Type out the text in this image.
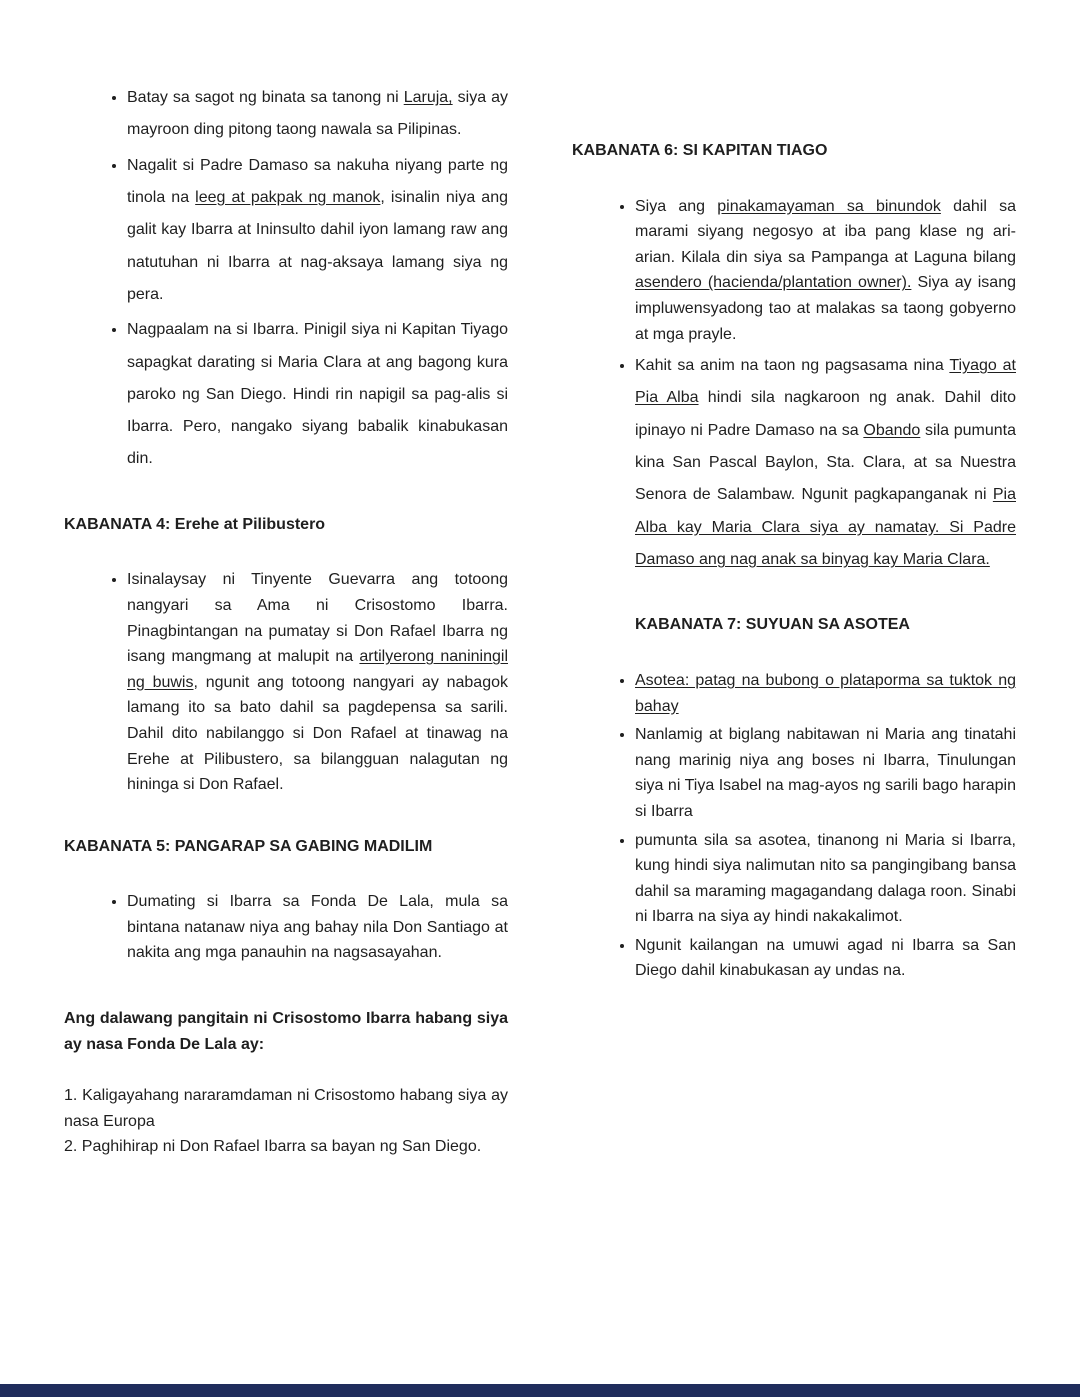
• Batay sa sagot ng binata sa tanong ni Laruja, siya ay mayroon ding pitong taong nawala sa Pilipinas.
• Nagalit si Padre Damaso sa nakuha niyang parte ng tinola na leeg at pakpak ng manok, isinalin niya ang galit kay Ibarra at Ininsulto dahil iyon lamang raw ang natutuhan ni Ibarra at nag-aksaya lamang siya ng pera.
• Nagpaalam na si Ibarra. Pinigil siya ni Kapitan Tiyago sapagkat darating si Maria Clara at ang bagong kura paroko ng San Diego. Hindi rin napigil sa pag-alis si Ibarra. Pero, nangako siyang babalik kinabukasan din.
KABANATA 4: Erehe at Pilibustero
• Isinalaysay ni Tinyente Guevarra ang totoong nangyari sa Ama ni Crisostomo Ibarra. Pinagbintangan na pumatay si Don Rafael Ibarra ng isang mangmang at malupit na artilyerong naniningil ng buwis, ngunit ang totoong nangyari ay nabagok lamang ito sa bato dahil sa pagdepensa sa sarili. Dahil dito nabilanggo si Don Rafael at tinawag na Erehe at Pilibustero, sa bilangguan nalagutan ng hininga si Don Rafael.
KABANATA 5: PANGARAP SA GABING MADILIM
• Dumating si Ibarra sa Fonda De Lala, mula sa bintana natanaw niya ang bahay nila Don Santiago at nakita ang mga panauhin na nagsasayahan.
Ang dalawang pangitain ni Crisostomo Ibarra habang siya ay nasa Fonda De Lala ay:
1. Kaligayahang nararamdaman ni Crisostomo habang siya ay nasa Europa
2. Paghihirap ni Don Rafael Ibarra sa bayan ng San Diego.
KABANATA 6: SI KAPITAN TIAGO
• Siya ang pinakamayaman sa binundok dahil sa marami siyang negosyo at iba pang klase ng ari-arian. Kilala din siya sa Pampanga at Laguna bilang asendero (hacienda/plantation owner). Siya ay isang impluwensyadong tao at malakas sa taong gobyerno at mga prayle.
• Kahit sa anim na taon ng pagsasama nina Tiyago at Pia Alba hindi sila nagkaroon ng anak. Dahil dito ipinayo ni Padre Damaso na sa Obando sila pumunta kina San Pascal Baylon, Sta. Clara, at sa Nuestra Senora de Salambaw. Ngunit pagkapanganak ni Pia Alba kay Maria Clara siya ay namatay. Si Padre Damaso ang nag anak sa binyag kay Maria Clara.
KABANATA 7: SUYUAN SA ASOTEA
• Asotea: patag na bubong o plataporma sa tuktok ng bahay
• Nanlamig at biglang nabitawan ni Maria ang tinatahi nang marinig niya ang boses ni Ibarra, Tinulungan siya ni Tiya Isabel na mag-ayos ng sarili bago harapin si Ibarra
• pumunta sila sa asotea, tinanong ni Maria si Ibarra, kung hindi siya nalimutan nito sa pangingibang bansa dahil sa maraming magagandang dalaga roon. Sinabi ni Ibarra na siya ay hindi nakakalimot.
• Ngunit kailangan na umuwi agad ni Ibarra sa San Diego dahil kinabukasan ay undas na.
